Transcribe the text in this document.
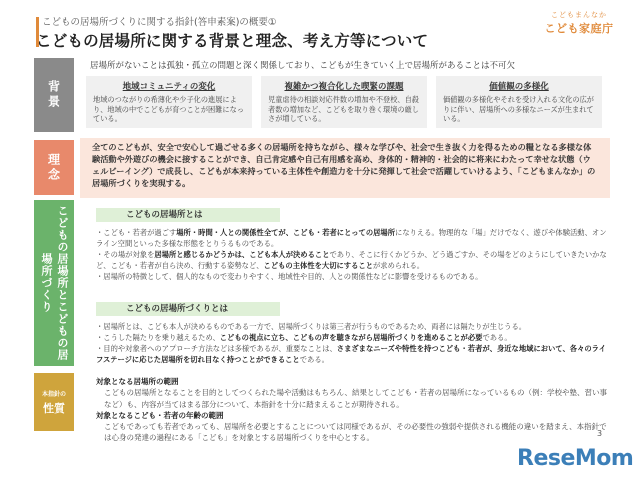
こどもの居場所づくりに関する指針(答申素案)の概要①
こどもの居場所に関する背景と理念、考え方等について
こどもまんなか
こども家庭庁
背景
居場所がないことは孤独・孤立の問題と深く関係しており、こどもが生きていく上で居場所があることは不可欠
地域コミュニティの変化
地域のつながりの希薄化や少子化の進展により、地域の中でこどもが育つことが困難になっている。
複雑かつ複合化した喫緊の課題
児童虐待の相談対応件数の増加や不登校、自殺者数の増加など、こどもを取り巻く環境の厳しさが増している。
価値観の多様化
価値観の多様化やそれを受け入れる文化の広がりに伴い、居場所への多様なニーズが生まれている。
理念
全てのこどもが、安全で安心して過ごせる多くの居場所を持ちながら、様々な学びや、社会で生き抜く力を得るための糧となる多様な体験活動や外遊びの機会に接することができ、自己肯定感や自己有用感を高め、身体的・精神的・社会的に将来にわたって幸せな状態（ウェルビーイング）で成長し、こどもが本来持っている主体性や創造力を十分に発揮して社会で活躍していけるよう、「こどもまんなか」の居場所づくりを実現する。
こどもの居場所とこどもの居場所づくり
こどもの居場所とは
・こども・若者が過ごす場所・時間・人との関係性全てが、こども・若者にとっての居場所になりえる。物理的な「場」だけでなく、遊びや体験活動、オンライン空間といった多様な形態をとりうるものである。
・その場が対象を居場所と感じるかどうかは、こども本人が決めることであり、そこに行くかどうか、どう過ごすか、その場をどのようにしていきたいかなど、こども・若者が自ら決め、行動する姿勢など、こどもの主体性を大切にすることが求められる。
・居場所の特徴として、個人的なもので変わりやすく、地域性や目的、人との関係性などに影響を受けるものである。
こどもの居場所づくりとは
・居場所とは、こども本人が決めるものである一方で、居場所づくりは第三者が行うものであるため、両者には隔たりが生じうる。
・こうした隔たりを乗り越えるため、こどもの視点に立ち、こどもの声を聴きながら居場所づくりを進めることが必要である。
・目的や対象者へのアプローチ方法などは多様であるが、重要なことは、さまざまなニーズや特性を持つこども・若者が、身近な地域において、各々のライフステージに応じた居場所を切れ目なく持つことができることである。
本指針の
性質
対象となる居場所の範囲
こどもの居場所となることを目的としてつくられた場や活動はもちろん、結果としてこども・若者の居場所になっているもの（例：学校や塾、習い事など）も、内容が当てはまる部分について、本指針を十分に踏まえることが期待される。
対象となるこども・若者の年齢の範囲
こどもであっても若者であっても、居場所を必要とすることについては同様であるが、その必要性の強弱や提供される機能の違いを踏まえ、本指針では心身の発達の過程にある「こども」を対象とする居場所づくりを中心とする。	3
ReseMom
